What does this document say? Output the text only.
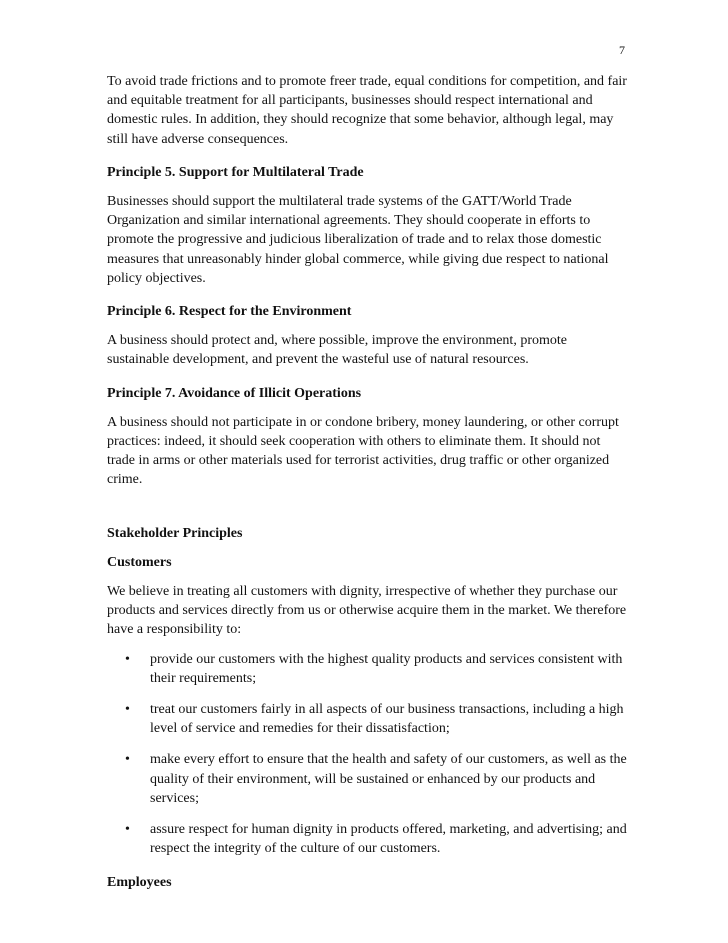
7

To avoid trade frictions and to promote freer trade, equal conditions for competition, and fair and equitable treatment for all participants, businesses should respect international and domestic rules. In addition, they should recognize that some behavior, although legal, may still have adverse consequences.

Principle 5. Support for Multilateral Trade

Businesses should support the multilateral trade systems of the GATT/World Trade Organization and similar international agreements. They should cooperate in efforts to promote the progressive and judicious liberalization of trade and to relax those domestic measures that unreasonably hinder global commerce, while giving due respect to national policy objectives.

Principle 6. Respect for the Environment

A business should protect and, where possible, improve the environment, promote sustainable development, and prevent the wasteful use of natural resources.

Principle 7. Avoidance of Illicit Operations

A business should not participate in or condone bribery, money laundering, or other corrupt practices: indeed, it should seek cooperation with others to eliminate them. It should not trade in arms or other materials used for terrorist activities, drug traffic or other organized crime.

Stakeholder Principles

Customers

We believe in treating all customers with dignity, irrespective of whether they purchase our products and services directly from us or otherwise acquire them in the market. We therefore have a responsibility to:

• provide our customers with the highest quality products and services consistent with their requirements;
• treat our customers fairly in all aspects of our business transactions, including a high level of service and remedies for their dissatisfaction;
• make every effort to ensure that the health and safety of our customers, as well as the quality of their environment, will be sustained or enhanced by our products and services;
• assure respect for human dignity in products offered, marketing, and advertising; and respect the integrity of the culture of our customers.

Employees
